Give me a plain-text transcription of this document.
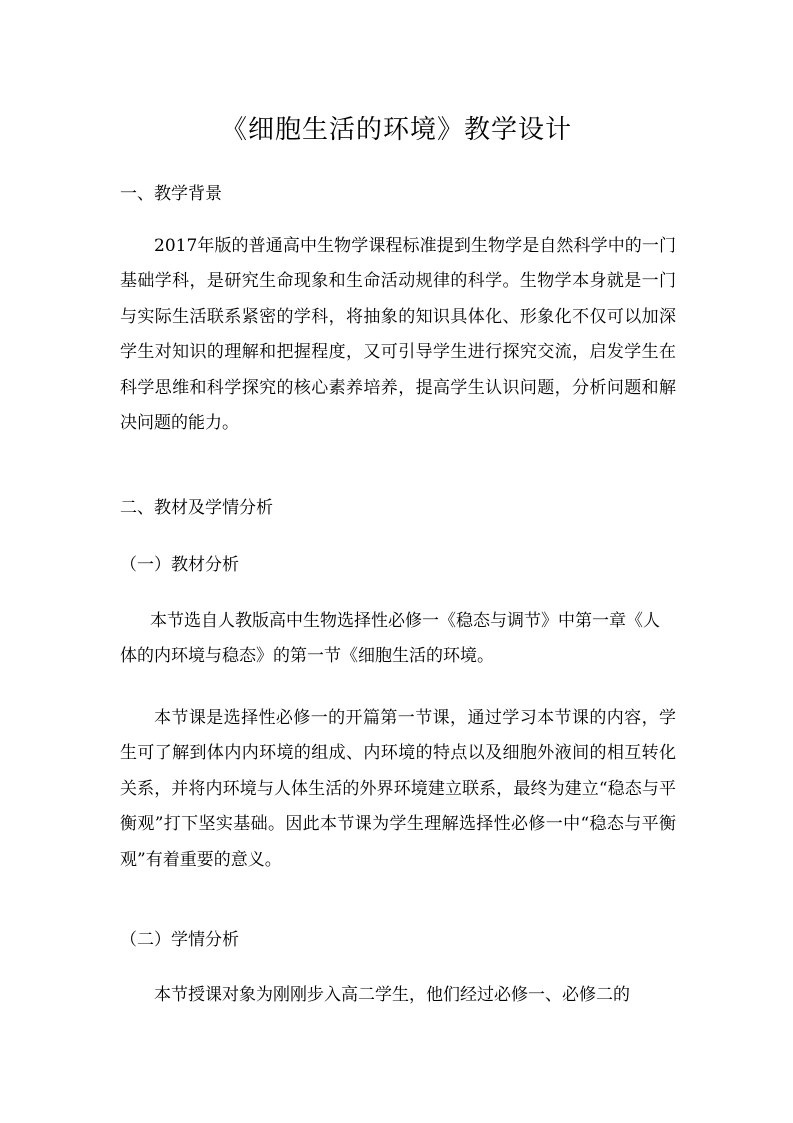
《细胞生活的环境》教学设计
一、教学背景
2017年版的普通高中生物学课程标准提到生物学是自然科学中的一门基础学科，是研究生命现象和生命活动规律的科学。生物学本身就是一门与实际生活联系紧密的学科，将抽象的知识具体化、形象化不仅可以加深学生对知识的理解和把握程度，又可引导学生进行探究交流，启发学生在科学思维和科学探究的核心素养培养，提高学生认识问题，分析问题和解决问题的能力。
二、教材及学情分析
（一）教材分析
本节选自人教版高中生物选择性必修一《稳态与调节》中第一章《人体的内环境与稳态》的第一节《细胞生活的环境。
本节课是选择性必修一的开篇第一节课，通过学习本节课的内容，学生可了解到体内内环境的组成、内环境的特点以及细胞外液间的相互转化关系，并将内环境与人体生活的外界环境建立联系，最终为建立“稳态与平衡观”打下坚实基础。因此本节课为学生理解选择性必修一中“稳态与平衡观”有着重要的意义。
（二）学情分析
本节授课对象为刚刚步入高二学生，他们经过必修一、必修二的
